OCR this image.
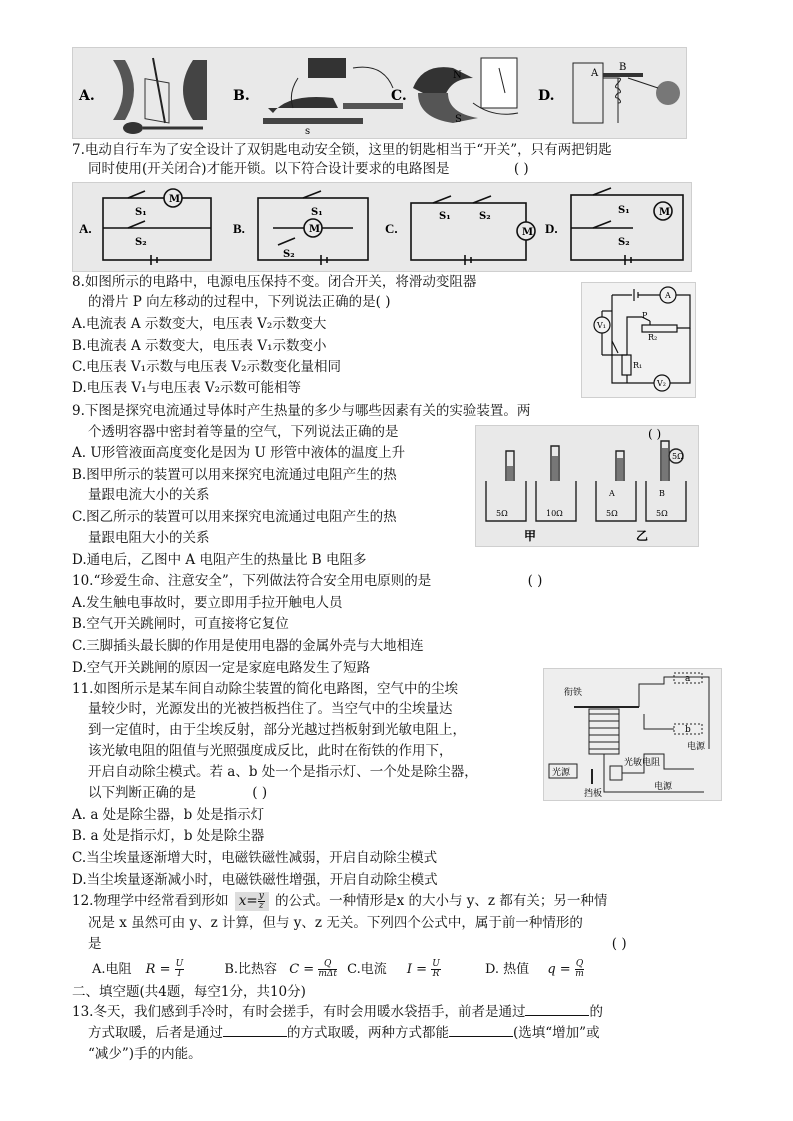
A.	B.
s
C.
N
S
D.
A
B
7.电动自行车为了安全设计了双钥匙电动安全锁，这里的钥匙相当于“开关”，只有两把钥匙
同时使用(开关闭合)才能开锁。以下符合设计要求的电路图是	( )
A.	B.	C.	D.
S₁
S₂
M
S₁
S₂
M
S₁	S₂
M
S₁
S₂
M
8.如图所示的电路中，电源电压保持不变。闭合开关，将滑动变阻器
的滑片 P 向左移动的过程中，下列说法正确的是( )
A.电流表 A 示数变大，电压表 V₂示数变大
B.电流表 A 示数变大，电压表 V₁示数变小
C.电压表 V₁示数与电压表 V₂示数变化量相同
D.电压表 V₁与电压表 V₂示数可能相等
A
V₁
V₂
P
R₂
R₁
9.下图是探究电流通过导体时产生热量的多少与哪些因素有关的实验装置。两
个透明容器中密封着等量的空气，下列说法正确的是
A. U形管液面高度变化是因为 U 形管中液体的温度上升
B.图甲所示的装置可以用来探究电流通过电阻产生的热
量跟电流大小的关系
C.图乙所示的装置可以用来探究电流通过电阻产生的热
量跟电阻大小的关系
D.通电后，乙图中 A 电阻产生的热量比 B 电阻多
5Ω	10Ω	5Ω	5Ω
A	B
5Ω
甲	乙
( )
10.“珍爱生命、注意安全”，下列做法符合安全用电原则的是	( )
A.发生触电事故时，要立即用手拉开触电人员
B.空气开关跳闸时，可直接将它复位
C.三脚插头最长脚的作用是使用电器的金属外壳与大地相连
D.空气开关跳闸的原因一定是家庭电路发生了短路
11.如图所示是某车间自动除尘装置的简化电路图，空气中的尘埃
量较少时，光源发出的光被挡板挡住了。当空气中的尘埃量达
到一定值时，由于尘埃反射，部分光越过挡板射到光敏电阻上，
该光敏电阻的阻值与光照强度成反比，此时在衔铁的作用下，
开启自动除尘模式。若 a、b 处一个是指示灯、一个处是除尘器，
以下判断正确的是	( )
A. a 处是除尘器，b 处是指示灯
B. a 处是指示灯，b 处是除尘器
C.当尘埃量逐渐增大时，电磁铁磁性减弱，开启自动除尘模式
D.当尘埃量逐渐减小时，电磁铁磁性增强，开启自动除尘模式
衔铁
a
b
电源
光源
光敏电阻
挡板
电源
12.物理学中经常看到形如 $x= \frac{y}{z}$ 的公式。一种情形是x 的大小与 y、z 都有关；另一种情
况是 x 虽然可由 y、z 计算，但与 y、z 无关。下列四个公式中，属于前一种情形的
是	( )
A.电阻 $R = \frac{U}{I}$	B.比热容 $C = \frac{Q}{\text{mΔt}} C$.电流 $I = \frac{U}{R}$	D. 热值 $q = \frac{Q}{m}$
二、填空题(共4题，每空1分，共10分)
13.冬天，我们感到手冷时，有时会搓手，有时会用暖水袋捂手，前者是通过	的
方式取暖，后者是通过	的方式取暖，两种方式都能	(选填“增加”或
“减少”)手的内能。
